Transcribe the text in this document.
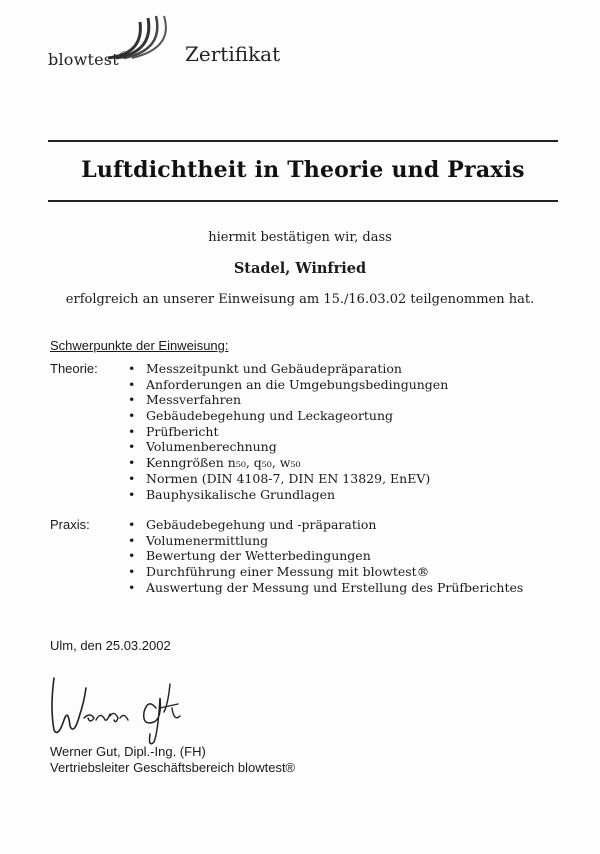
blowtest®	Zertifikat
Luftdichtheit in Theorie und Praxis
hiermit bestätigen wir, dass
Stadel, Winfried
erfolgreich an unserer Einweisung am 15./16.03.02 teilgenommen hat.
Schwerpunkte der Einweisung:
Theorie: • Messzeitpunkt und Gebäudepräparation
• Anforderungen an die Umgebungsbedingungen
• Messverfahren
• Gebäudebegehung und Leckageortung
• Prüfbericht
• Volumenberechnung
• Kenngrößen n₅₀, q₅₀, w₅₀
• Normen (DIN 4108-7, DIN EN 13829, EnEV)
• Bauphysikalische Grundlagen
Praxis:	• Gebäudebegehung und -präparation
• Volumenermittlung
• Bewertung der Wetterbedingungen
• Durchführung einer Messung mit blowtest®
• Auswertung der Messung und Erstellung des Prüfberichtes
Ulm, den 25.03.2002
Werner Gut, Dipl.-Ing. (FH)
Vertriebsleiter Geschäftsbereich blowtest®
